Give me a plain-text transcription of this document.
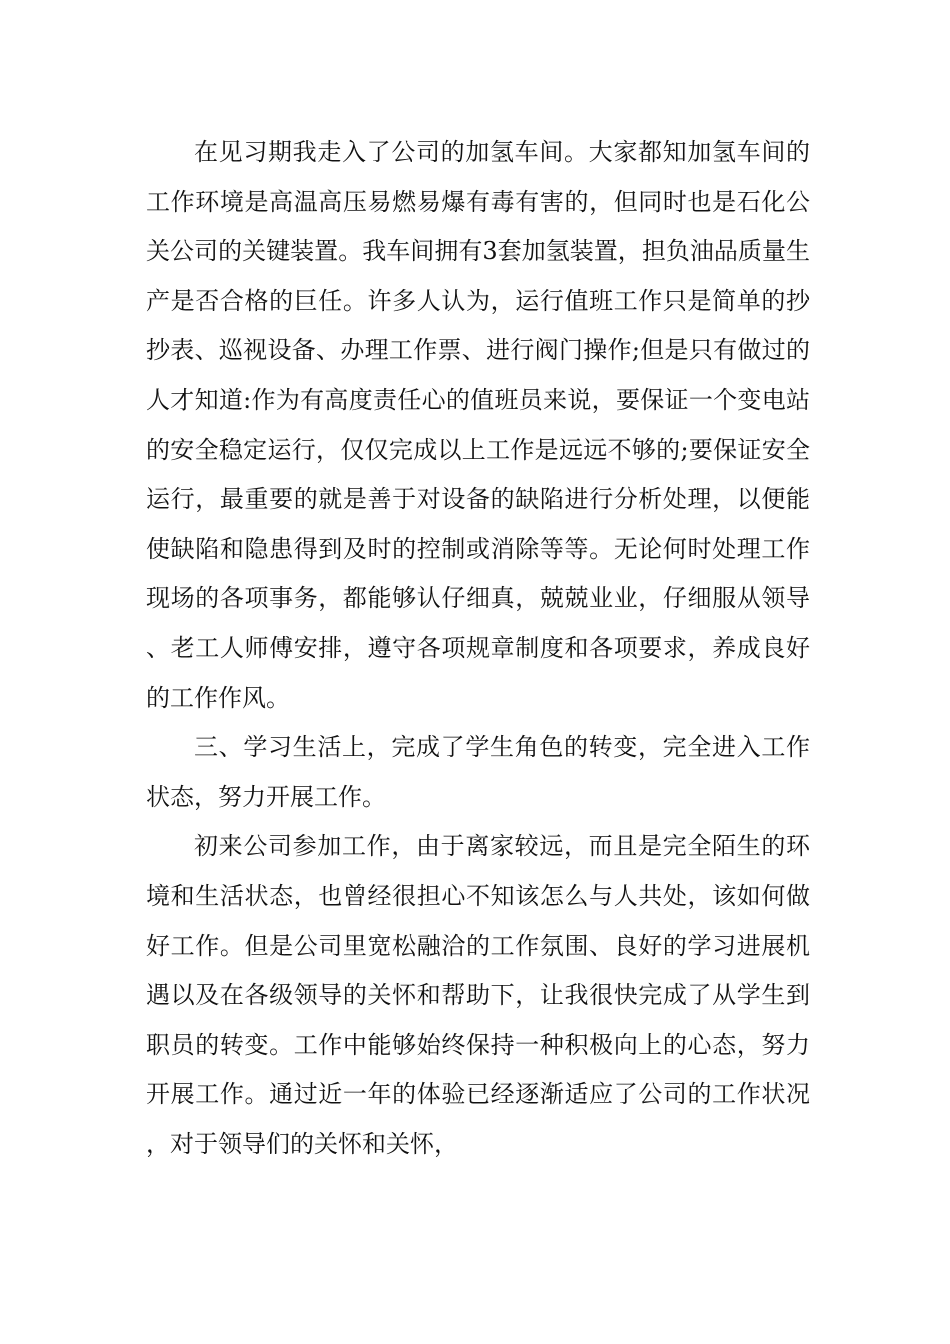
在见习期我走入了公司的加氢车间。大家都知加氢车间的工作环境是高温高压易燃易爆有毒有害的，但同时也是石化公关公司的关键装置。我车间拥有3套加氢装置，担负油品质量生产是否合格的巨任。许多人认为，运行值班工作只是简单的抄抄表、巡视设备、办理工作票、进行阀门操作;但是只有做过的人才知道:作为有高度责任心的值班员来说，要保证一个变电站的安全稳定运行，仅仅完成以上工作是远远不够的;要保证安全运行，最重要的就是善于对设备的缺陷进行分析处理，以便能使缺陷和隐患得到及时的控制或消除等等。无论何时处理工作现场的各项事务，都能够认仔细真，兢兢业业，仔细服从领导、老工人师傅安排，遵守各项规章制度和各项要求，养成良好的工作作风。

三、学习生活上，完成了学生角色的转变，完全进入工作状态，努力开展工作。

初来公司参加工作，由于离家较远，而且是完全陌生的环境和生活状态，也曾经很担心不知该怎么与人共处，该如何做好工作。但是公司里宽松融洽的工作氛围、良好的学习进展机遇以及在各级领导的关怀和帮助下，让我很快完成了从学生到职员的转变。工作中能够始终保持一种积极向上的心态，努力开展工作。通过近一年的体验已经逐渐适应了公司的工作状况，对于领导们的关怀和关怀，
